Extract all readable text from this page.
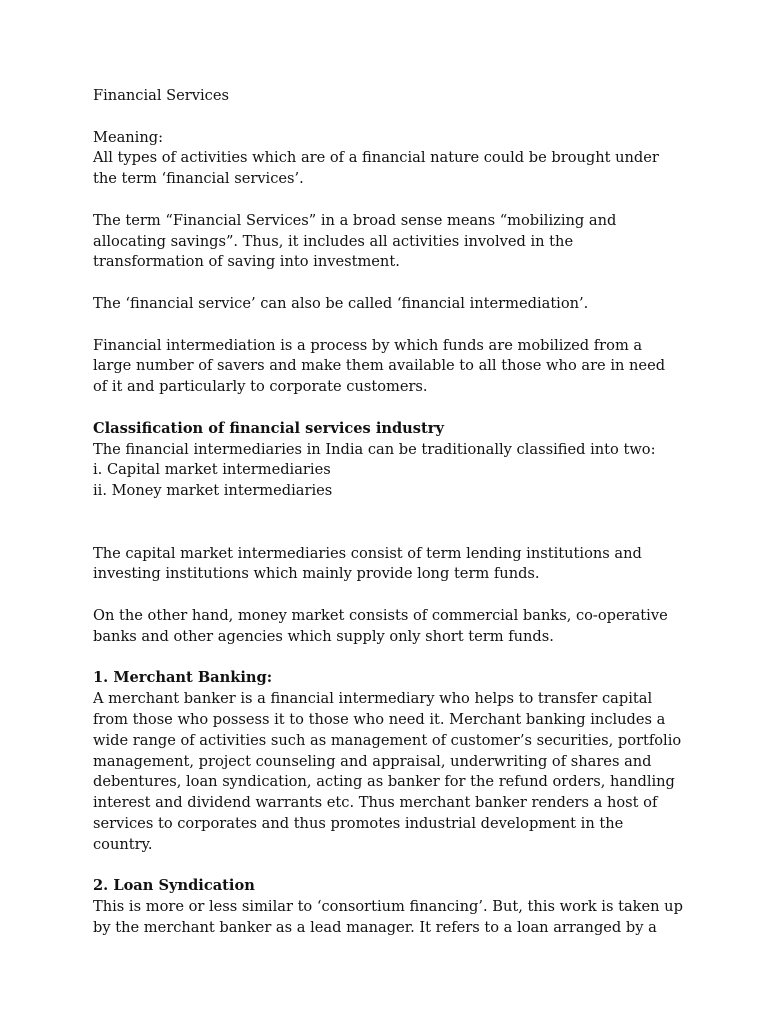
Financial Services

Meaning:

All types of activities which are of a financial nature could be brought under the term ‘financial services’.

The term “Financial Services” in a broad sense means “mobilizing and allocating savings”. Thus, it includes all activities involved in the transformation of saving into investment.

The ‘financial service’ can also be called ‘financial intermediation’.

Financial intermediation is a process by which funds are mobilized from a large number of savers and make them available to all those who are in need of it and particularly to corporate customers.

Classification of financial services industry

The financial intermediaries in India can be traditionally classified into two:

i. Capital market intermediaries

ii. Money market intermediaries

The capital market intermediaries consist of term lending institutions and investing institutions which mainly provide long term funds.

On the other hand, money market consists of commercial banks, co-operative banks and other agencies which supply only short term funds.

1. Merchant Banking:

A merchant banker is a financial intermediary who helps to transfer capital from those who possess it to those who need it. Merchant banking includes a wide range of activities such as management of customer’s securities, portfolio management, project counseling and appraisal, underwriting of shares and debentures, loan syndication, acting as banker for the refund orders, handling interest and dividend warrants etc. Thus merchant banker renders a host of services to corporates and thus promotes industrial development in the country.

2. Loan Syndication

This is more or less similar to ‘consortium financing’. But, this work is taken up by the merchant banker as a lead manager. It refers to a loan arranged by a
